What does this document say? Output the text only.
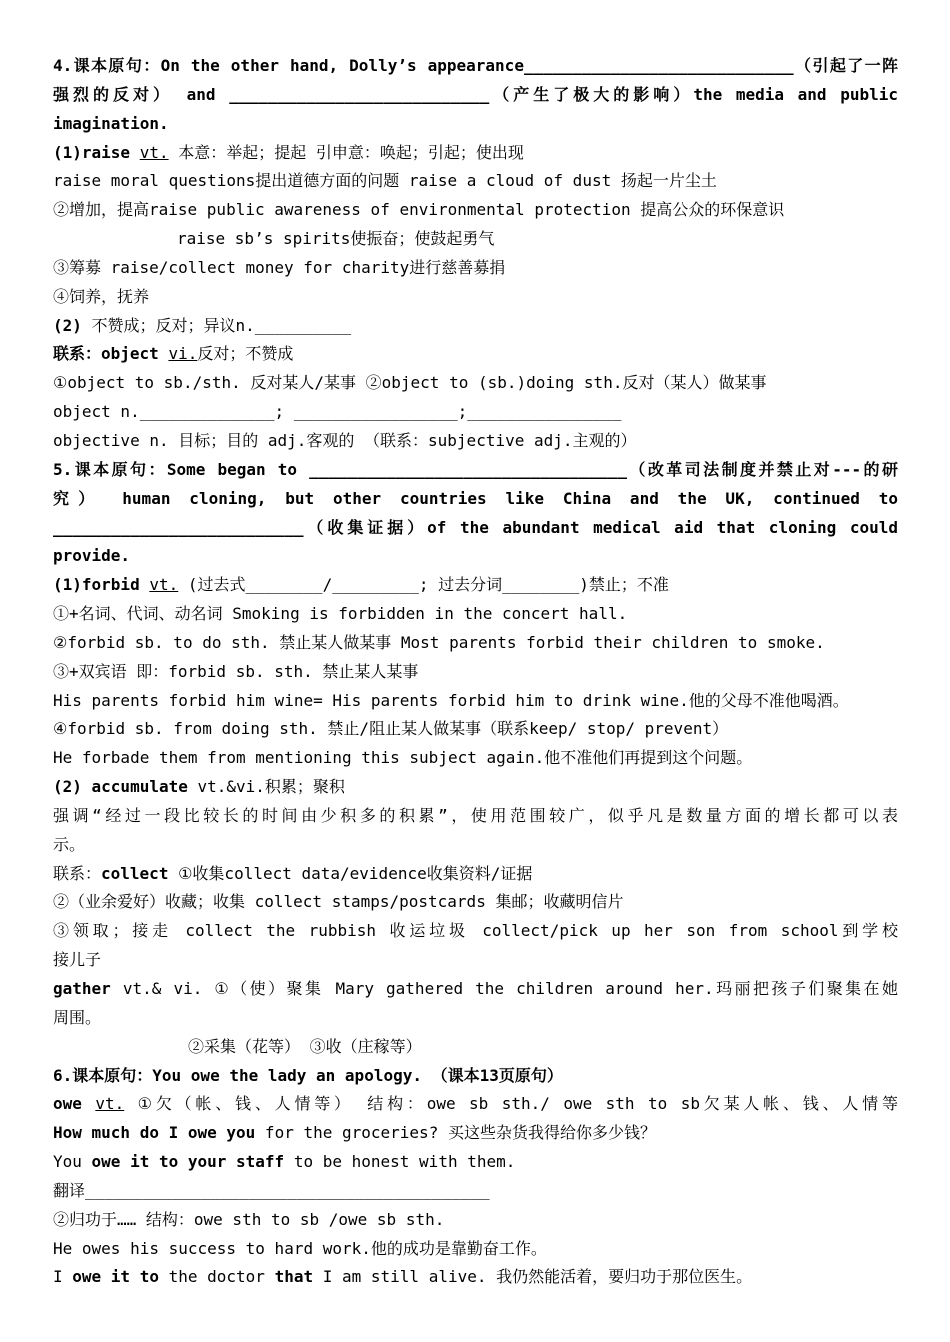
4.课本原句：On the other hand, Dolly’s appearance____________________________（引起了一阵
强烈的反对） and ___________________________（产生了极大的影响）the media and public
imagination.
(1)raise vt. 本意：举起；提起 引申意：唤起；引起；使出现
raise moral questions提出道德方面的问题 raise a cloud of dust 扬起一片尘土
②增加，提高raise public awareness of environmental protection 提高公众的环保意识
raise sb’s spirits使振奋；使鼓起勇气
③筹募 raise/collect money for charity进行慈善募捐
④饲养，抚养
(2) 不赞成；反对；异议n.__________
联系：object vi.反对；不赞成
①object to sb./sth. 反对某人/某事 ②object to (sb.)doing sth.反对（某人）做某事
object n.______________; _________________;________________
objective n. 目标；目的 adj.客观的 （联系：subjective adj.主观的）
5.课本原句：Some began to _________________________________（改革司法制度并禁止对---的研
究） human cloning, but other countries like China and the UK, continued to
__________________________（收集证据）of the abundant medical aid that cloning could
provide.
(1)forbid vt. (过去式________/_________; 过去分词________)禁止；不准
①+名词、代词、动名词 Smoking is forbidden in the concert hall.
②forbid sb. to do sth. 禁止某人做某事 Most parents forbid their children to smoke.
③+双宾语 即：forbid sb. sth. 禁止某人某事
His parents forbid him wine= His parents forbid him to drink wine.他的父母不准他喝酒。
④forbid sb. from doing sth. 禁止/阻止某人做某事（联系keep/ stop/ prevent）
He forbade them from mentioning this subject again.他不准他们再提到这个问题。
(2) accumulate vt.&vi.积累；聚积
强调“经过一段比较长的时间由少积多的积累”，使用范围较广，似乎凡是数量方面的增长都可以表
示。
联系：collect ①收集collect data/evidence收集资料/证据
②（业余爱好）收藏；收集 collect stamps/postcards 集邮；收藏明信片
③领取；接走 collect the rubbish 收运垃圾 collect/pick up her son from school到学校
接儿子
gather vt.& vi. ①（使）聚集 Mary gathered the children around her.玛丽把孩子们聚集在她
周围。
②采集（花等） ③收（庄稼等）
6.课本原句：You owe the lady an apology. （课本13页原句）
owe vt. ①欠（帐、钱、人情等） 结构：owe sb sth./ owe sth to sb欠某人帐、钱、人情等
How much do I owe you for the groceries? 买这些杂货我得给你多少钱？
You owe it to your staff to be honest with them.
翻译__________________________________________
②归功于…… 结构：owe sth to sb /owe sb sth.
He owes his success to hard work.他的成功是靠勤奋工作。
I owe it to the doctor that I am still alive. 我仍然能活着，要归功于那位医生。
